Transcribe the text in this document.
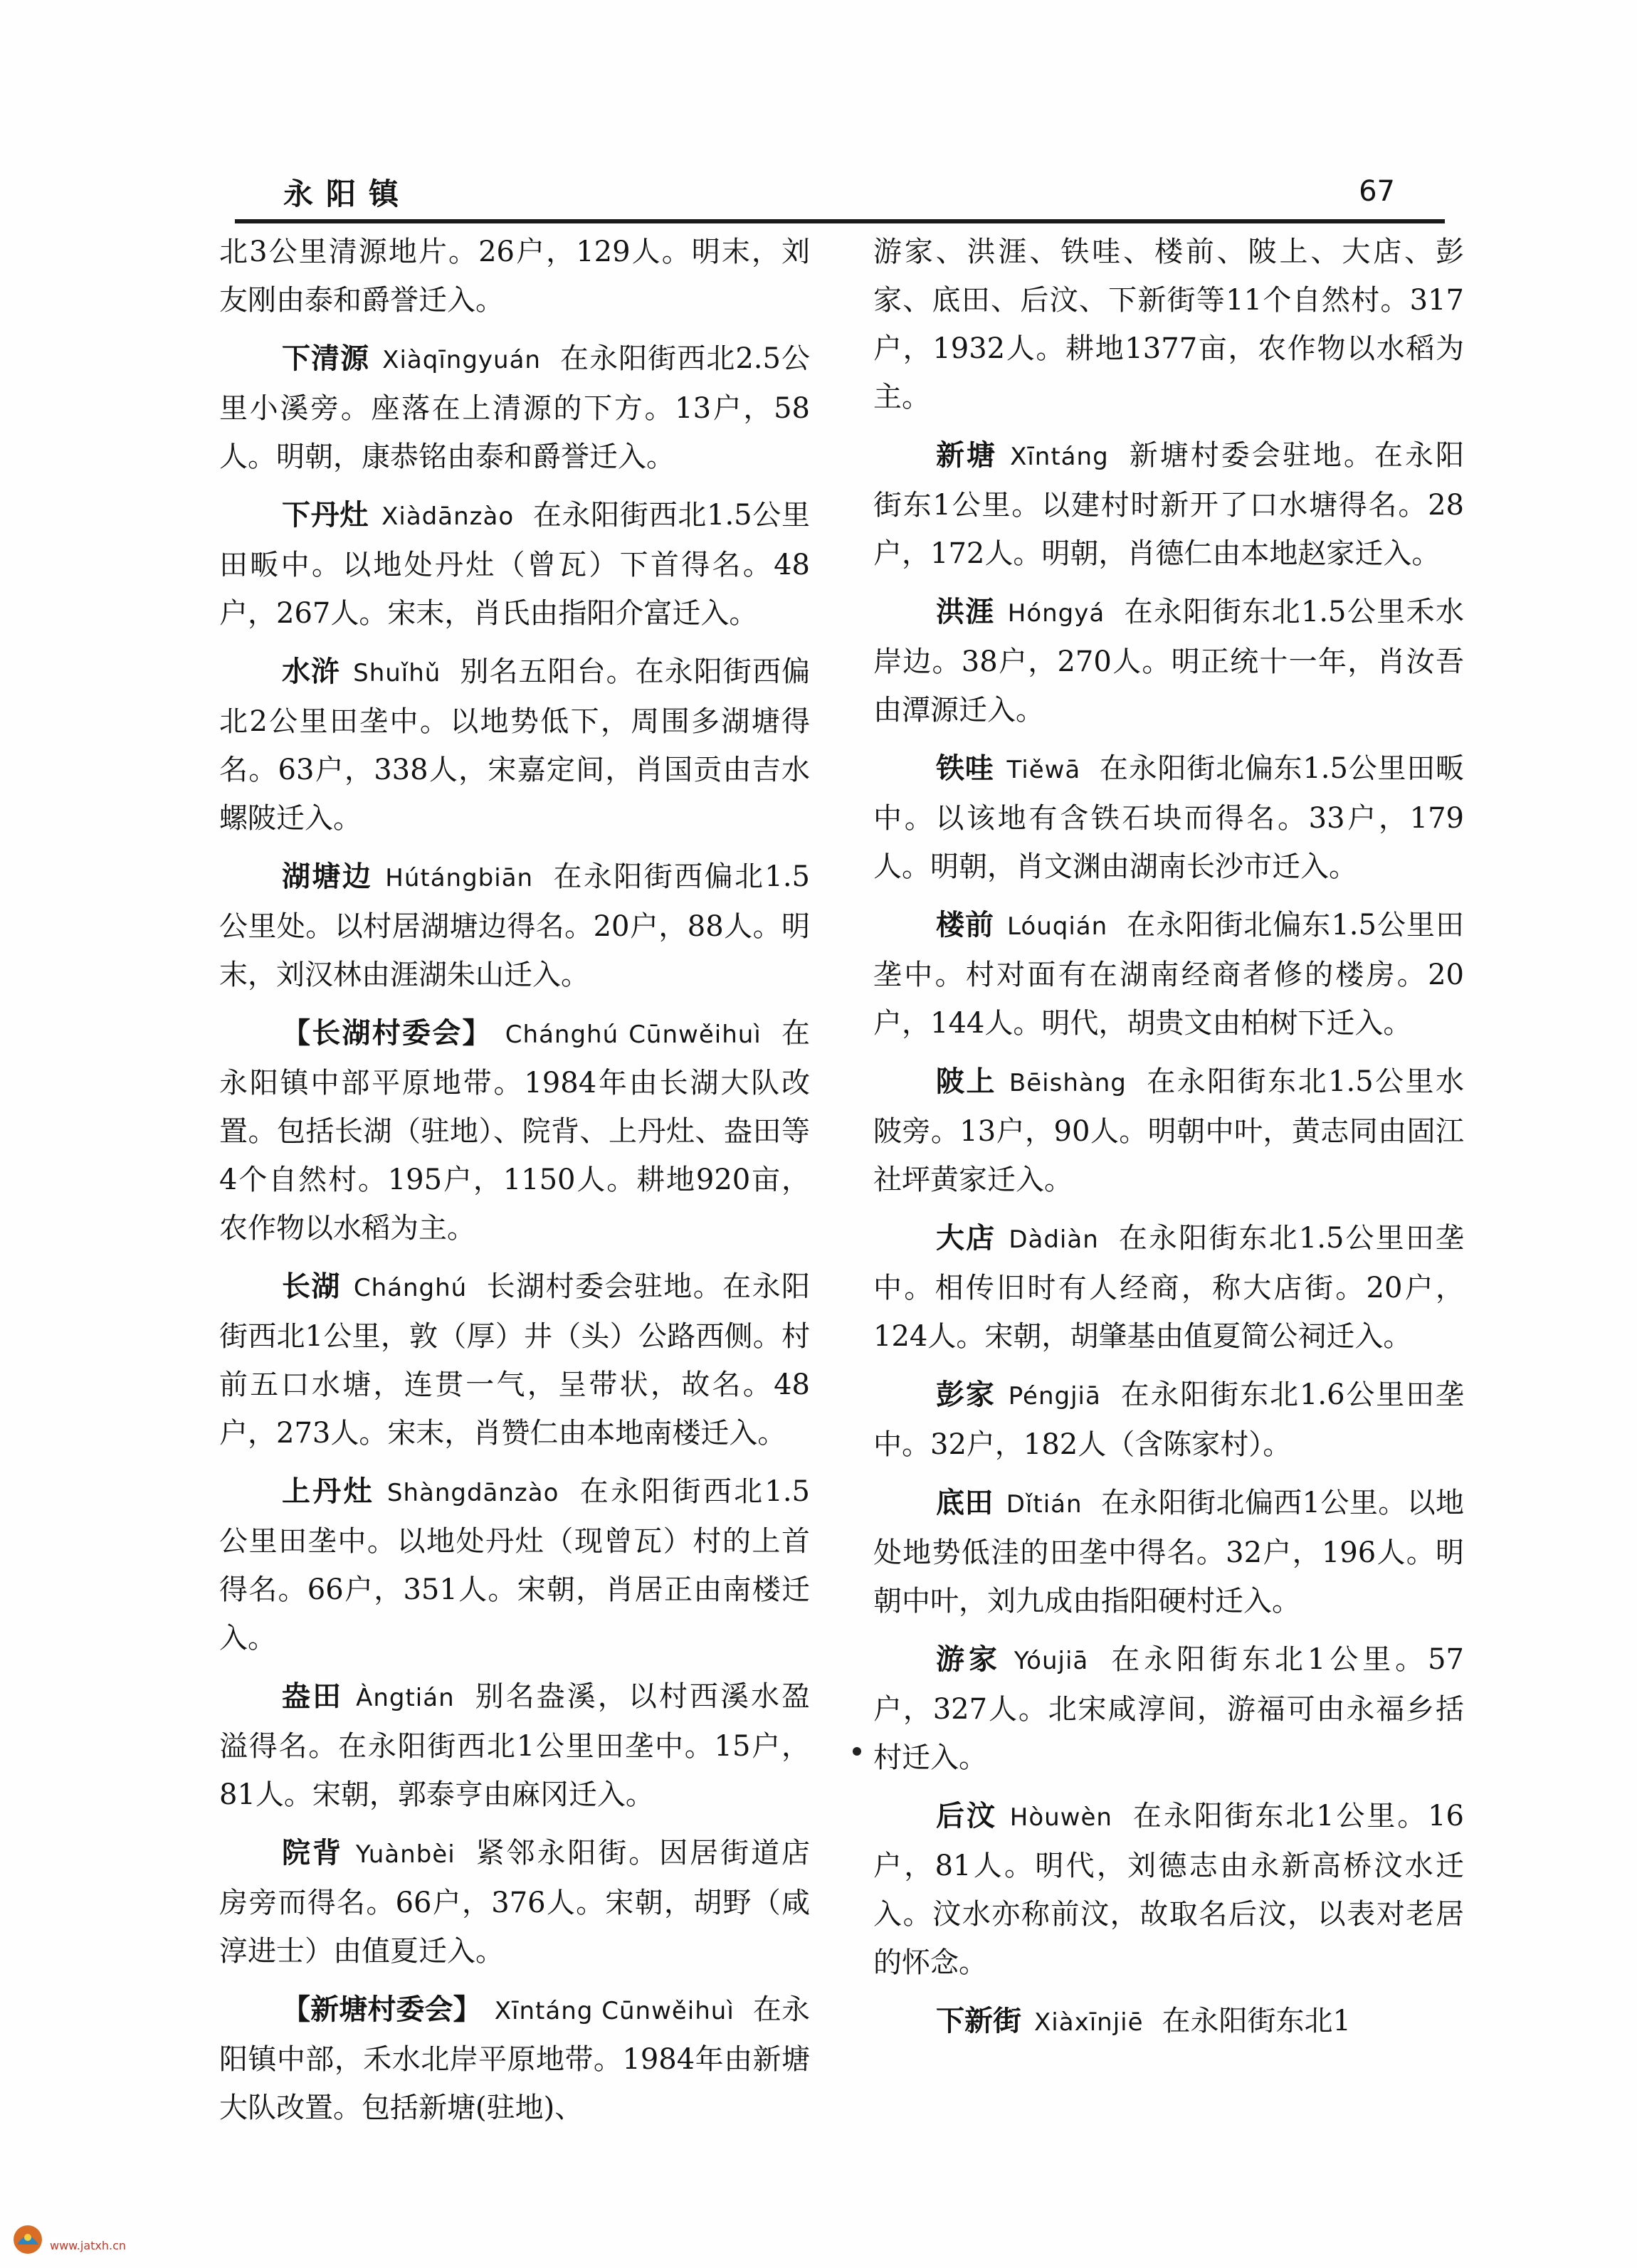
永阳镇	67

北3公里清源地片。26户，129人。明末，刘友刚由泰和爵誉迁入。

下清源 Xiàqīngyuán 在永阳街西北2.5公里小溪旁。座落在上清源的下方。13户，58人。明朝，康恭铭由泰和爵誉迁入。

下丹灶 Xiàdānzào 在永阳街西北1.5公里田畈中。以地处丹灶（曾瓦）下首得名。48户，267人。宋末，肖氏由指阳介富迁入。

水浒 Shuǐhǔ 别名五阳台。在永阳街西偏北2公里田垄中。以地势低下，周围多湖塘得名。63户，338人，宋嘉定间，肖国贡由吉水螺陂迁入。

湖塘边 Hútángbiān 在永阳街西偏北1.5公里处。以村居湖塘边得名。20户，88人。明末，刘汉林由涯湖朱山迁入。

【长湖村委会】 Chánghú Cūnwěihuì 在永阳镇中部平原地带。1984年由长湖大队改置。包括长湖（驻地）、院背、上丹灶、盎田等4个自然村。195户，1150人。耕地920亩，农作物以水稻为主。

长湖 Chánghú 长湖村委会驻地。在永阳街西北1公里，敦（厚）井（头）公路西侧。村前五口水塘，连贯一气，呈带状，故名。48户，273人。宋末，肖赞仁由本地南楼迁入。

上丹灶 Shàngdānzào 在永阳街西北1.5公里田垄中。以地处丹灶（现曾瓦）村的上首得名。66户，351人。宋朝，肖居正由南楼迁入。

盎田 Àngtián 别名盎溪，以村西溪水盈溢得名。在永阳街西北1公里田垄中。15户，81人。宋朝，郭泰亨由麻冈迁入。

院背 Yuànbèi 紧邻永阳街。因居街道店房旁而得名。66户，376人。宋朝，胡野（咸淳进士）由值夏迁入。

【新塘村委会】 Xīntáng Cūnwěihuì 在永阳镇中部，禾水北岸平原地带。1984年由新塘大队改置。包括新塘(驻地)、

游家、洪涯、铁哇、楼前、陂上、大店、彭家、底田、后汶、下新街等11个自然村。317户，1932人。耕地1377亩，农作物以水稻为主。

新塘 Xīntáng 新塘村委会驻地。在永阳街东1公里。以建村时新开了口水塘得名。28户，172人。明朝，肖德仁由本地赵家迁入。

洪涯 Hóngyá 在永阳街东北1.5公里禾水岸边。38户，270人。明正统十一年，肖汝吾由潭源迁入。

铁哇 Tiěwā 在永阳街北偏东1.5公里田畈中。以该地有含铁石块而得名。33户，179人。明朝，肖文渊由湖南长沙市迁入。

楼前 Lóuqián 在永阳街北偏东1.5公里田垄中。村对面有在湖南经商者修的楼房。20户，144人。明代，胡贵文由柏树下迁入。

陂上 Bēishàng 在永阳街东北1.5公里水陂旁。13户，90人。明朝中叶，黄志同由固江社坪黄家迁入。

大店 Dàdiàn 在永阳街东北1.5公里田垄中。相传旧时有人经商，称大店街。20户，124人。宋朝，胡肇基由值夏简公祠迁入。

彭家 Péngjiā 在永阳街东北1.6公里田垄中。32户，182人（含陈家村）。

底田 Dǐtián 在永阳街北偏西1公里。以地处地势低洼的田垄中得名。32户，196人。明朝中叶，刘九成由指阳硬村迁入。

游家 Yóujiā 在永阳街东北1公里。57户，327人。北宋咸淳间，游福可由永福乡括村迁入。

后汶 Hòuwèn 在永阳街东北1公里。16户，81人。明代，刘德志由永新高桥汶水迁入。汶水亦称前汶，故取名后汶，以表对老居的怀念。

下新街 Xiàxīnjiē 在永阳街东北1

www.jatxh.cn
